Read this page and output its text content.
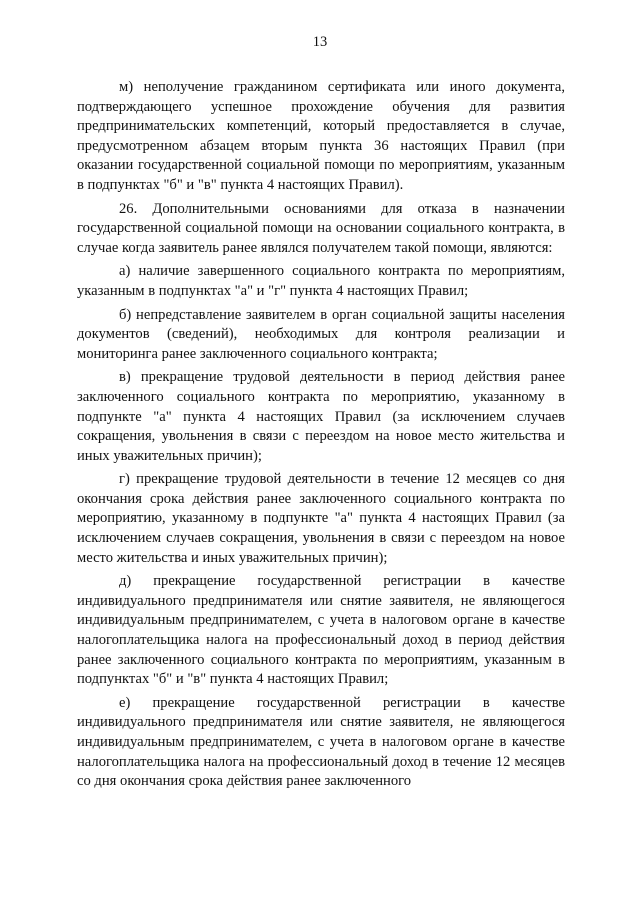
13

м) неполучение гражданином сертификата или иного документа, подтверждающего успешное прохождение обучения для развития предпринимательских компетенций, который предоставляется в случае, предусмотренном абзацем вторым пункта 36 настоящих Правил (при оказании государственной социальной помощи по мероприятиям, указанным в подпунктах "б" и "в" пункта 4 настоящих Правил).

26. Дополнительными основаниями для отказа в назначении государственной социальной помощи на основании социального контракта, в случае когда заявитель ранее являлся получателем такой помощи, являются:

а) наличие завершенного социального контракта по мероприятиям, указанным в подпунктах "а" и "г" пункта 4 настоящих Правил;

б) непредставление заявителем в орган социальной защиты населения документов (сведений), необходимых для контроля реализации и мониторинга ранее заключенного социального контракта;

в) прекращение трудовой деятельности в период действия ранее заключенного социального контракта по мероприятию, указанному в подпункте "а" пункта 4 настоящих Правил (за исключением случаев сокращения, увольнения в связи с переездом на новое место жительства и иных уважительных причин);

г) прекращение трудовой деятельности в течение 12 месяцев со дня окончания срока действия ранее заключенного социального контракта по мероприятию, указанному в подпункте "а" пункта 4 настоящих Правил (за исключением случаев сокращения, увольнения в связи с переездом на новое место жительства и иных уважительных причин);

д) прекращение государственной регистрации в качестве индивидуального предпринимателя или снятие заявителя, не являющегося индивидуальным предпринимателем, с учета в налоговом органе в качестве налогоплательщика налога на профессиональный доход в период действия ранее заключенного социального контракта по мероприятиям, указанным в подпунктах "б" и "в" пункта 4 настоящих Правил;

е) прекращение государственной регистрации в качестве индивидуального предпринимателя или снятие заявителя, не являющегося индивидуальным предпринимателем, с учета в налоговом органе в качестве налогоплательщика налога на профессиональный доход в течение 12 месяцев со дня окончания срока действия ранее заключенного
